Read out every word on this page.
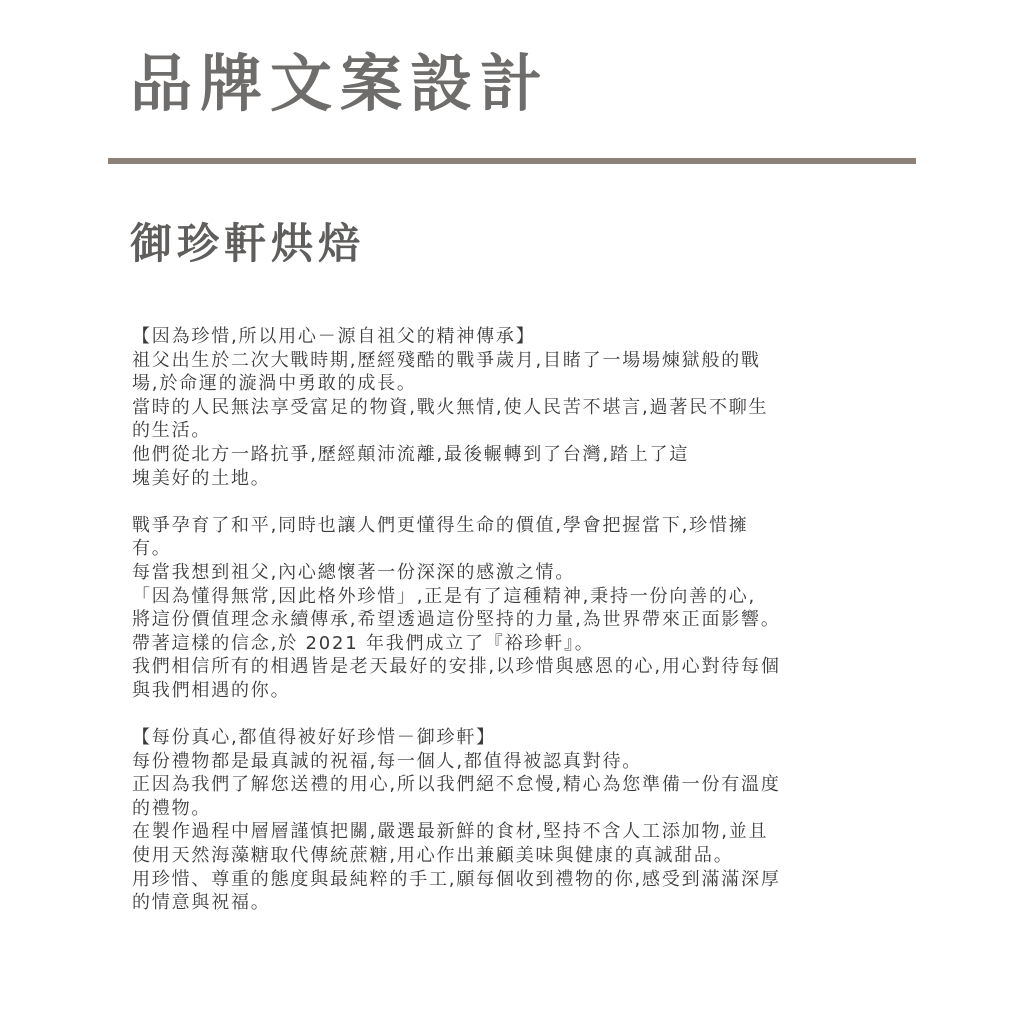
品牌文案設計
御珍軒烘焙
【因為珍惜,所以用心－源自祖父的精神傳承】
祖父出生於二次大戰時期,歷經殘酷的戰爭歲月,目睹了一場場煉獄般的戰
場,於命運的漩渦中勇敢的成長。
當時的人民無法享受富足的物資,戰火無情,使人民苦不堪言,過著民不聊生
的生活。
他們從北方一路抗爭,歷經顛沛流離,最後輾轉到了台灣,踏上了這
塊美好的土地。
戰爭孕育了和平,同時也讓人們更懂得生命的價值,學會把握當下,珍惜擁
有。
每當我想到祖父,內心總懷著一份深深的感激之情。
「因為懂得無常,因此格外珍惜」,正是有了這種精神,秉持一份向善的心,
將這份價值理念永續傳承,希望透過這份堅持的力量,為世界帶來正面影響。
帶著這樣的信念,於 2021 年我們成立了『裕珍軒』。
我們相信所有的相遇皆是老天最好的安排,以珍惜與感恩的心,用心對待每個
與我們相遇的你。
【每份真心,都值得被好好珍惜－御珍軒】
每份禮物都是最真誠的祝福,每一個人,都值得被認真對待。
正因為我們了解您送禮的用心,所以我們絕不怠慢,精心為您準備一份有溫度
的禮物。
在製作過程中層層謹慎把關,嚴選最新鮮的食材,堅持不含人工添加物,並且
使用天然海藻糖取代傳統蔗糖,用心作出兼顧美味與健康的真誠甜品。
用珍惜、尊重的態度與最純粹的手工,願每個收到禮物的你,感受到滿滿深厚
的情意與祝福。
